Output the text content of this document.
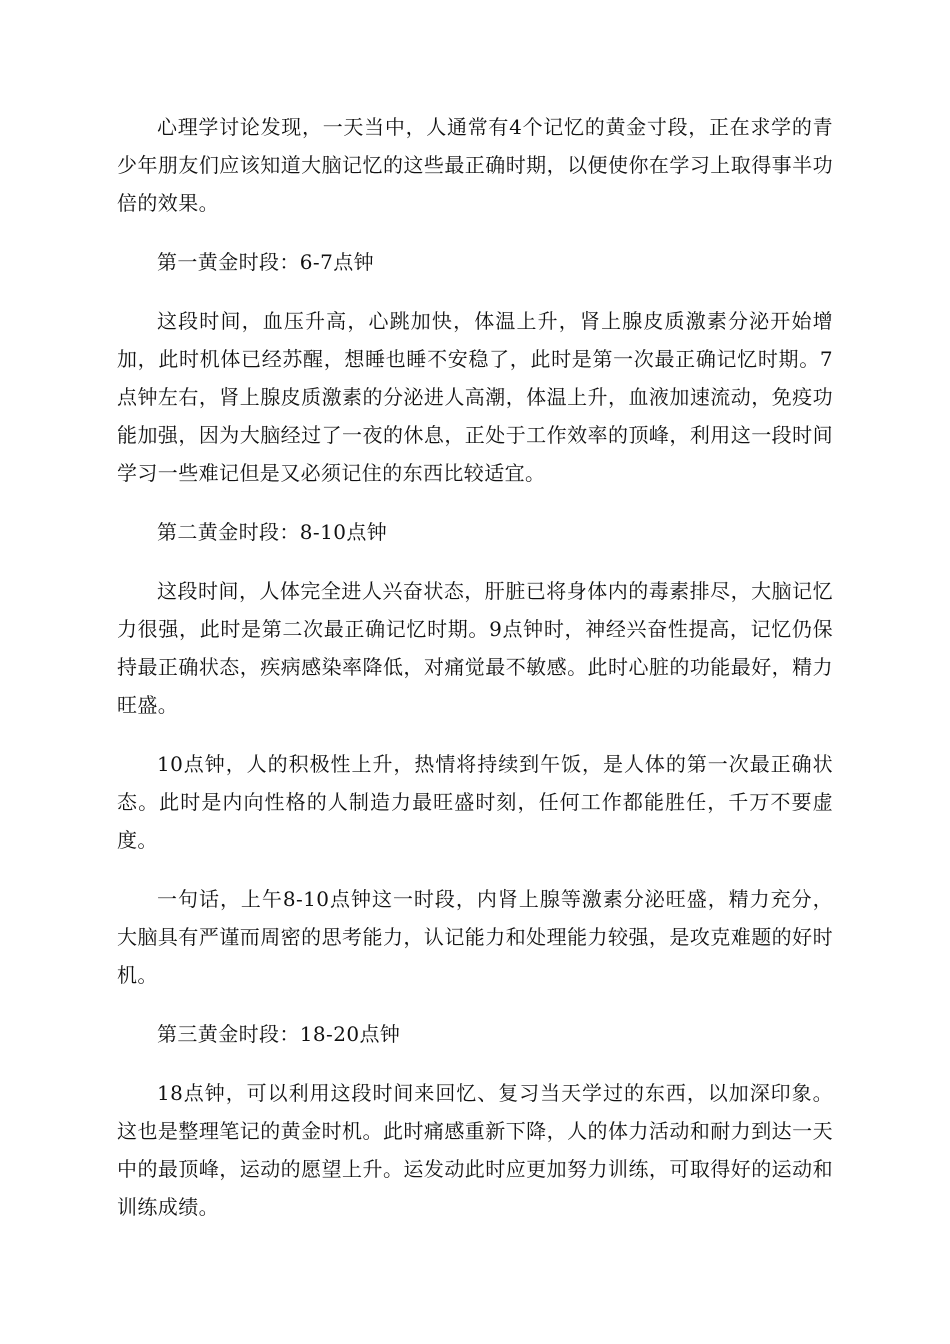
心理学讨论发现，一天当中，人通常有4个记忆的黄金寸段，正在求学的青少年朋友们应该知道大脑记忆的这些最正确时期，以便使你在学习上取得事半功倍的效果。

第一黄金时段：6-7点钟

这段时间，血压升高，心跳加快，体温上升，肾上腺皮质激素分泌开始增加，此时机体已经苏醒，想睡也睡不安稳了，此时是第一次最正确记忆时期。7点钟左右，肾上腺皮质激素的分泌进人高潮，体温上升，血液加速流动，免疫功能加强，因为大脑经过了一夜的休息，正处于工作效率的顶峰，利用这一段时间学习一些难记但是又必须记住的东西比较适宜。

第二黄金时段：8-10点钟

这段时间，人体完全进人兴奋状态，肝脏已将身体内的毒素排尽，大脑记忆力很强，此时是第二次最正确记忆时期。9点钟时，神经兴奋性提高，记忆仍保持最正确状态，疾病感染率降低，对痛觉最不敏感。此时心脏的功能最好，精力旺盛。

10点钟，人的积极性上升，热情将持续到午饭，是人体的第一次最正确状态。此时是内向性格的人制造力最旺盛时刻，任何工作都能胜任，千万不要虚度。

一句话，上午8-10点钟这一时段，内肾上腺等激素分泌旺盛，精力充分，大脑具有严谨而周密的思考能力，认记能力和处理能力较强，是攻克难题的好时机。

第三黄金时段：18-20点钟

18点钟，可以利用这段时间来回忆、复习当天学过的东西，以加深印象。这也是整理笔记的黄金时机。此时痛感重新下降，人的体力活动和耐力到达一天中的最顶峰，运动的愿望上升。运发动此时应更加努力训练，可取得好的运动和训练成绩。
